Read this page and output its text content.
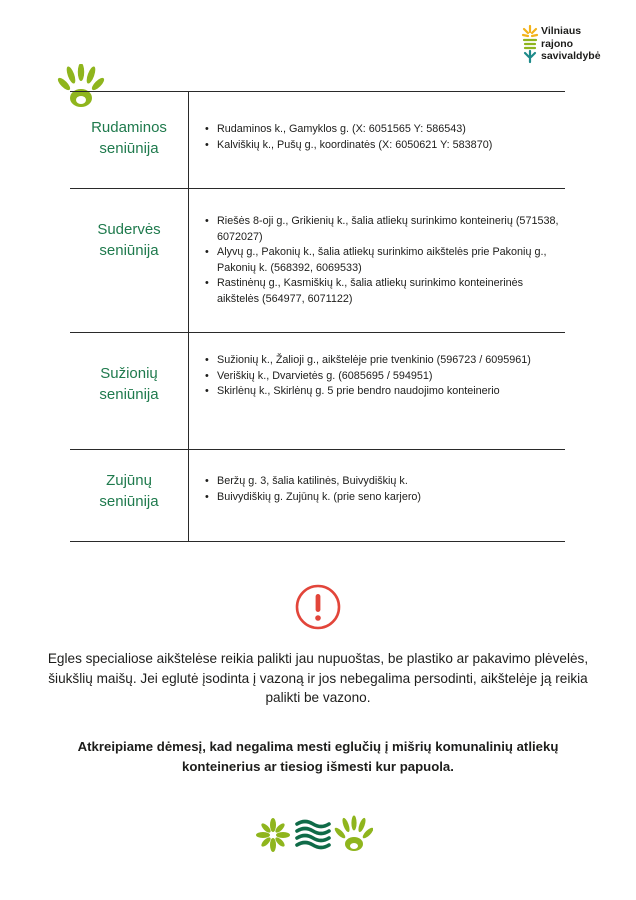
Vilniaus
rajono
savivaldybė
Rudaminos
seniūnija
• Rudaminos k., Gamyklos g. (X: 6051565 Y: 586543)
• Kalviškių k., Pušų g., koordinatės (X: 6050621 Y: 583870)
Sudervės
seniūnija
• Riešės 8-oji g., Grikienių k., šalia atliekų surinkimo konteinerių (571538, 6072027)
• Alyvų g., Pakonių k., šalia atliekų surinkimo aikštelės prie Pakonių g., Pakonių k. (568392, 6069533)
• Rastinėnų g., Kasmiškių k., šalia atliekų surinkimo konteinerinės aikštelės (564977, 6071122)
Sužionių
seniūnija
• Sužionių k., Žalioji g., aikštelėje prie tvenkinio (596723 / 6095961)
• Veriškių k., Dvarvietės g. (6085695 / 594951)
• Skirlėnų k., Skirlėnų g. 5 prie bendro naudojimo konteinerio
Zujūnų
seniūnija
• Beržų g. 3, šalia katilinės, Buivydiškių k.
• Buivydiškių g. Zujūnų k. (prie seno karjero)
Egles specialiose aikštelėse reikia palikti jau nupuoštas, be plastiko ar pakavimo plėvelės, šiukšlių maišų. Jei eglutė įsodinta į vazoną ir jos nebegalima persodinti, aikštelėje ją reikia palikti be vazono.
Atkreipiame dėmesį, kad negalima mesti eglučių į mišrių komunalinių atliekų konteinerius ar tiesiog išmesti kur papuola.
